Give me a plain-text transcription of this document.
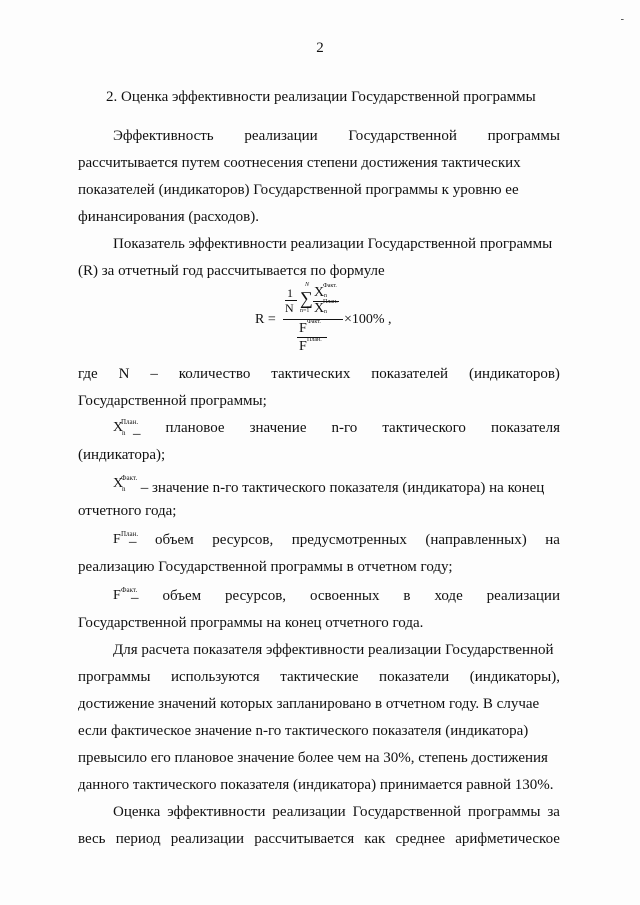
-
2
2. Оценка эффективности реализации Государственной программы
Эффективность реализации Государственной программы
рассчитывается путем соотнесения степени достижения тактических
показателей (индикаторов) Государственной программы к уровню ее
финансирования (расходов).
Показатель эффективности реализации Государственной программы
(R) за отчетный год рассчитывается по формуле
R =
1
N
N
∑
n=1
X
Факт.
n
X
План.
n
F Факт.
F План.
×100% ,
где N – количество тактических показателей (индикаторов)
Государственной программы;
X
План.
n – плановое значение n-го тактического показателя
(индикатора);
X
Факт.
n – значение n-го тактического показателя (индикатора) на конец
отчетного года;
F План.
– объем ресурсов, предусмотренных (направленных) на
реализацию Государственной программы в отчетном году;
F Факт.
– объем ресурсов, освоенных в ходе реализации
Государственной программы на конец отчетного года.
Для расчета показателя эффективности реализации Государственной
программы используются тактические показатели (индикаторы),
достижение значений которых запланировано в отчетном году. В случае
если фактическое значение n-го тактического показателя (индикатора)
превысило его плановое значение более чем на 30%, степень достижения
данного тактического показателя (индикатора) принимается равной 130%.
Оценка эффективности реализации Государственной программы за
весь период реализации рассчитывается как среднее арифметическое
